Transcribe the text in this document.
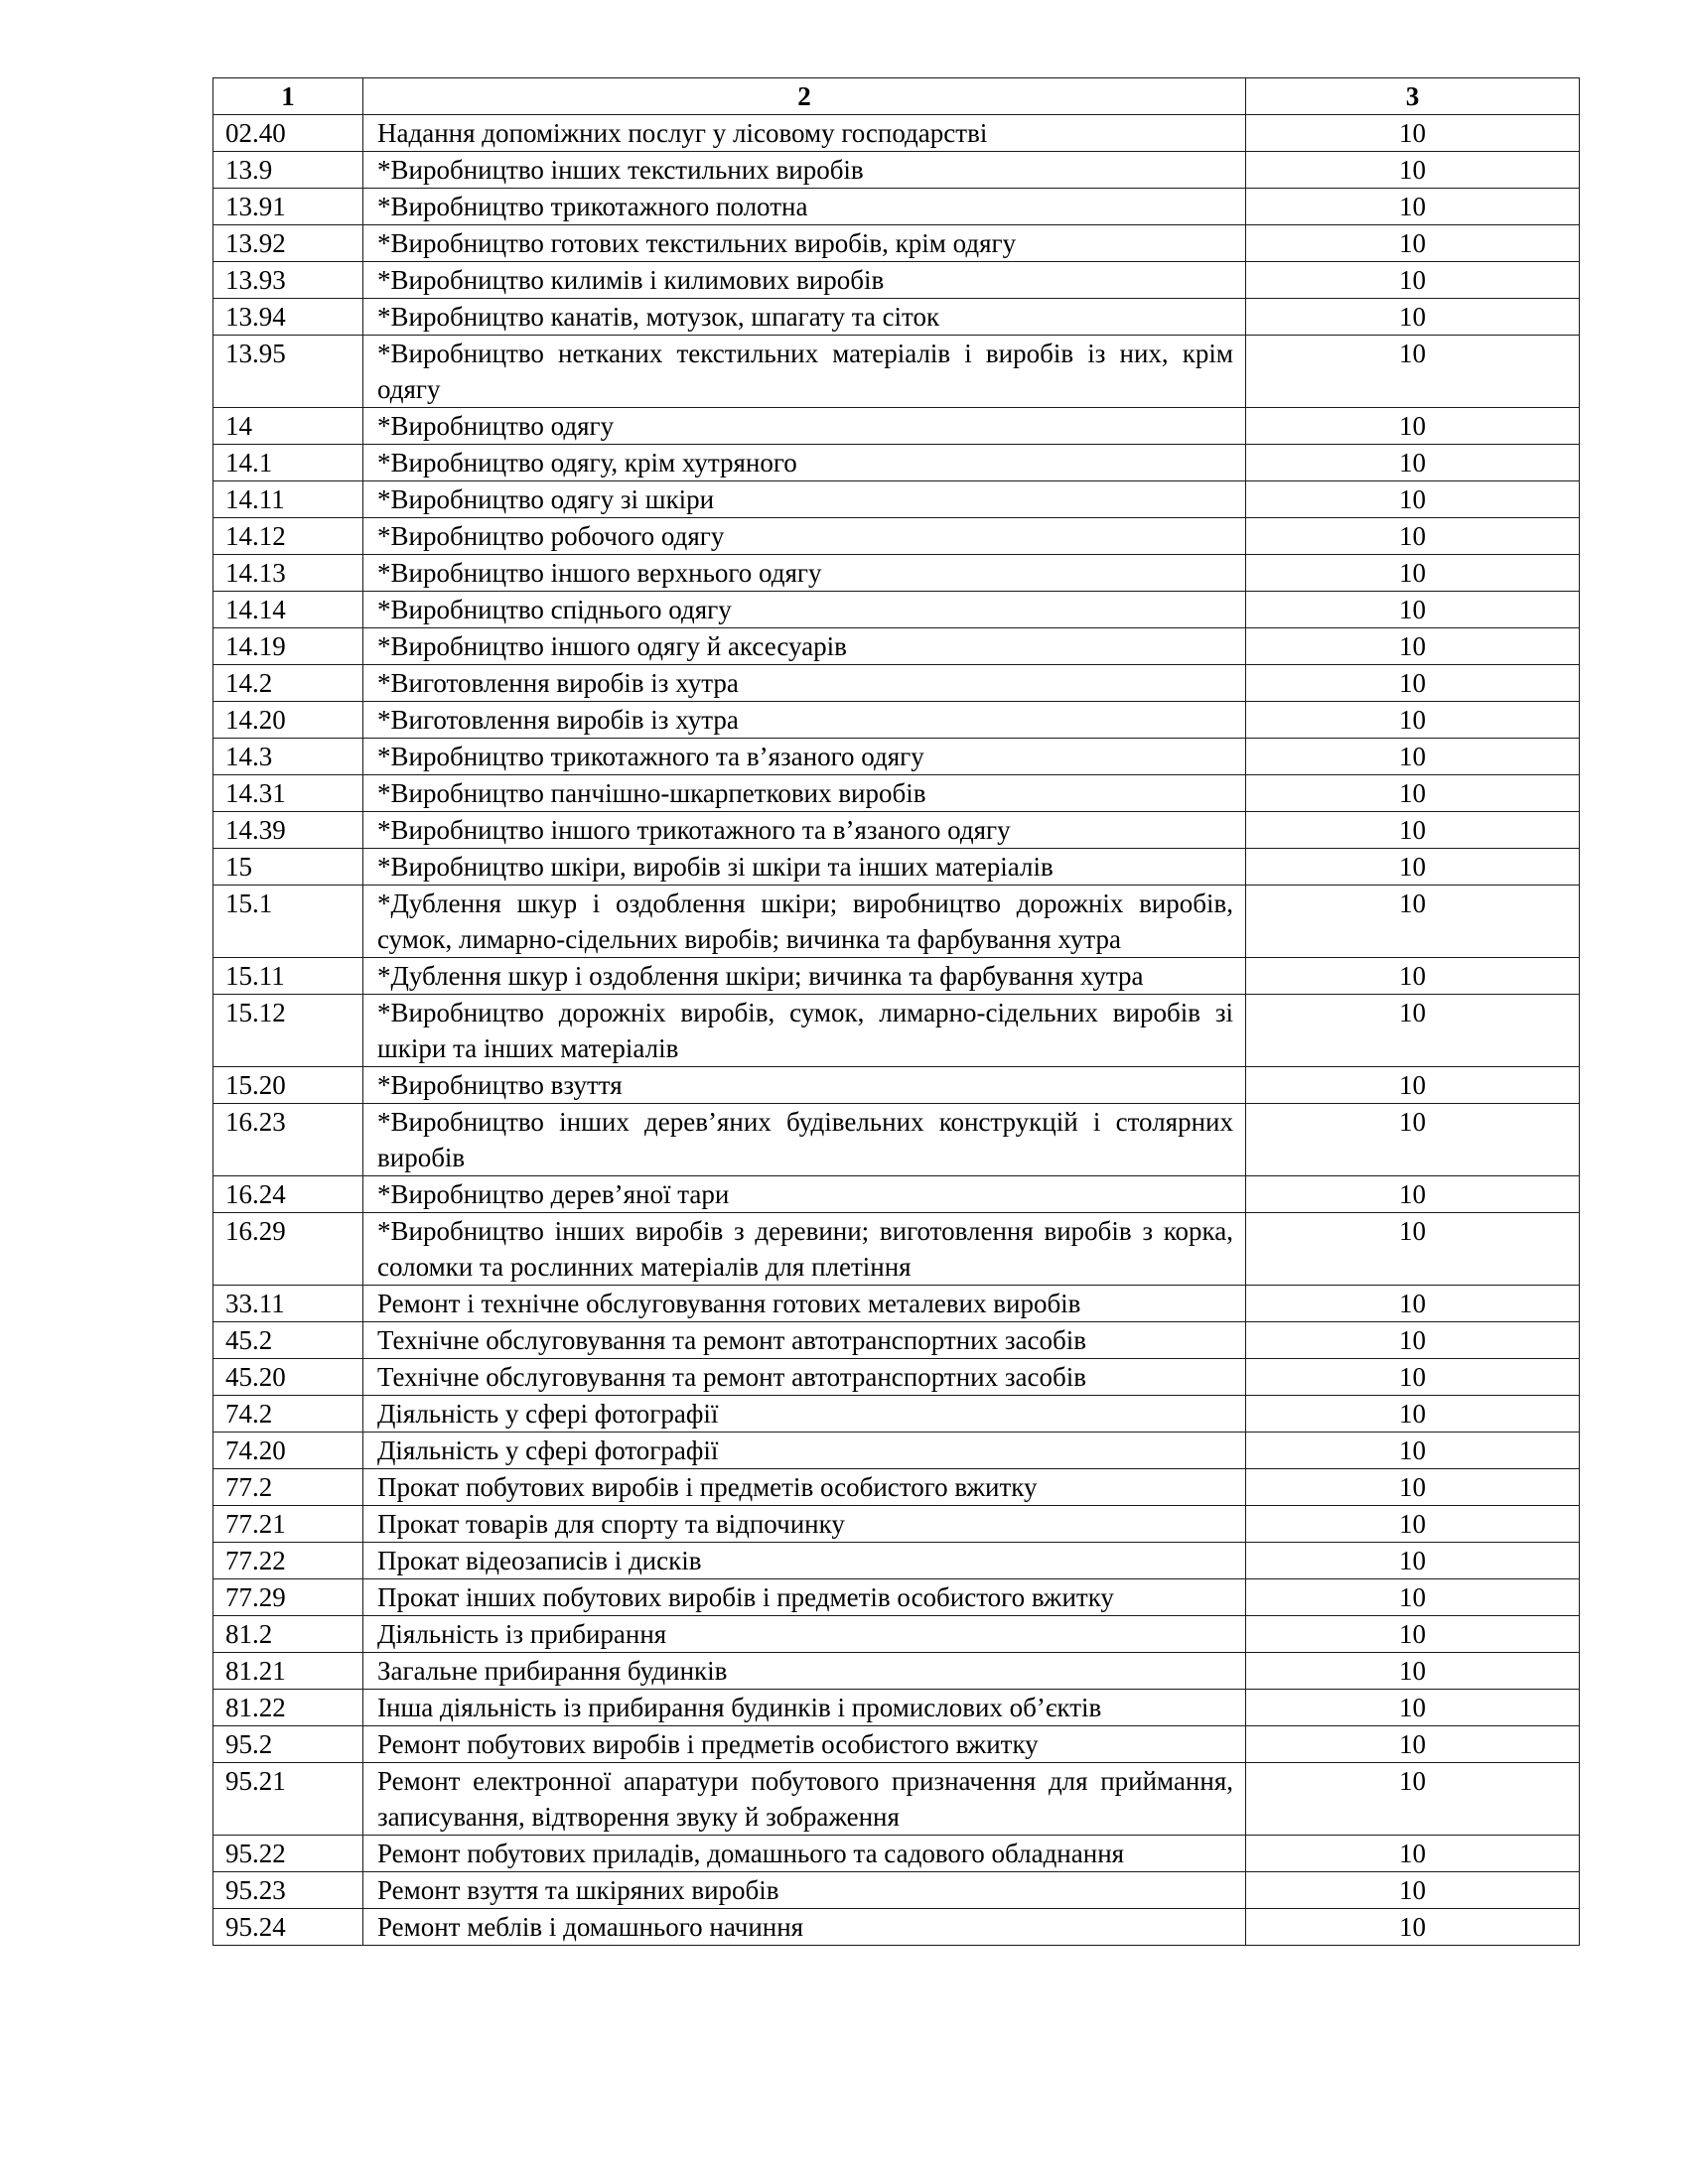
1	2	3
02.40	Надання допоміжних послуг у лісовому господарстві	10
13.9	*Виробництво інших текстильних виробів	10
13.91	*Виробництво трикотажного полотна	10
13.92	*Виробництво готових текстильних виробів, крім одягу	10
13.93	*Виробництво килимів і килимових виробів	10
13.94	*Виробництво канатів, мотузок, шпагату та сіток	10
13.95	*Виробництво нетканих текстильних матеріалів і виробів із них, крім одягу	10
14	*Виробництво одягу	10
14.1	*Виробництво одягу, крім хутряного	10
14.11	*Виробництво одягу зі шкіри	10
14.12	*Виробництво робочого одягу	10
14.13	*Виробництво іншого верхнього одягу	10
14.14	*Виробництво спіднього одягу	10
14.19	*Виробництво іншого одягу й аксесуарів	10
14.2	*Виготовлення виробів із хутра	10
14.20	*Виготовлення виробів із хутра	10
14.3	*Виробництво трикотажного та в’язаного одягу	10
14.31	*Виробництво панчішно-шкарпеткових виробів	10
14.39	*Виробництво іншого трикотажного та в’язаного одягу	10
15	*Виробництво шкіри, виробів зі шкіри та інших матеріалів	10
15.1	*Дублення шкур і оздоблення шкіри; виробництво дорожніх виробів, сумок, лимарно-сідельних виробів; вичинка та фарбування хутра	10
15.11	*Дублення шкур і оздоблення шкіри; вичинка та фарбування хутра	10
15.12	*Виробництво дорожніх виробів, сумок, лимарно-сідельних виробів зі шкіри та інших матеріалів	10
15.20	*Виробництво взуття	10
16.23	*Виробництво інших дерев’яних будівельних конструкцій і столярних виробів	10
16.24	*Виробництво дерев’яної тари	10
16.29	*Виробництво інших виробів з деревини; виготовлення виробів з корка, соломки та рослинних матеріалів для плетіння	10
33.11	Ремонт і технічне обслуговування готових металевих виробів	10
45.2	Технічне обслуговування та ремонт автотранспортних засобів	10
45.20	Технічне обслуговування та ремонт автотранспортних засобів	10
74.2	Діяльність у сфері фотографії	10
74.20	Діяльність у сфері фотографії	10
77.2	Прокат побутових виробів і предметів особистого вжитку	10
77.21	Прокат товарів для спорту та відпочинку	10
77.22	Прокат відеозаписів і дисків	10
77.29	Прокат інших побутових виробів і предметів особистого вжитку	10
81.2	Діяльність із прибирання	10
81.21	Загальне прибирання будинків	10
81.22	Інша діяльність із прибирання будинків і промислових об’єктів	10
95.2	Ремонт побутових виробів і предметів особистого вжитку	10
95.21	Ремонт електронної апаратури побутового призначення для приймання, записування, відтворення звуку й зображення	10
95.22	Ремонт побутових приладів, домашнього та садового обладнання	10
95.23	Ремонт взуття та шкіряних виробів	10
95.24	Ремонт меблів і домашнього начиння	10
